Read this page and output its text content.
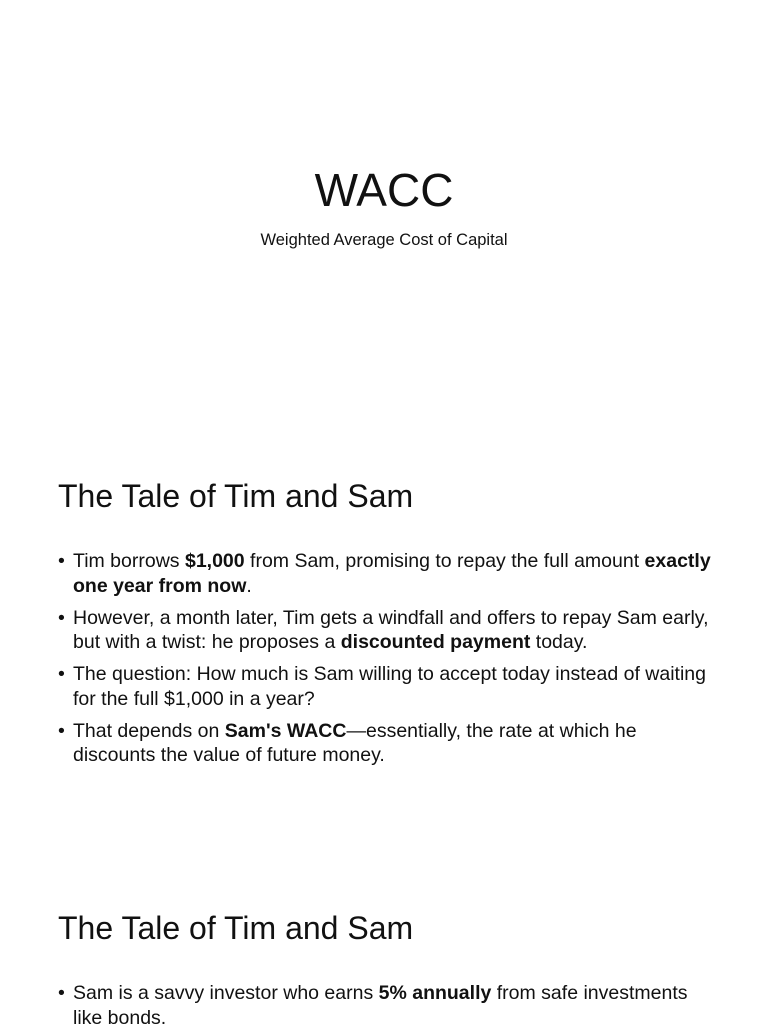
WACC

Weighted Average Cost of Capital

The Tale of Tim and Sam
• Tim borrows $1,000 from Sam, promising to repay the full amount exactly one year from now.
• However, a month later, Tim gets a windfall and offers to repay Sam early, but with a twist: he proposes a discounted payment today.
• The question: How much is Sam willing to accept today instead of waiting for the full $1,000 in a year?
• That depends on Sam's WACC—essentially, the rate at which he discounts the value of future money.
The Tale of Tim and Sam
• Sam is a savvy investor who earns 5% annually from safe investments like bonds.
